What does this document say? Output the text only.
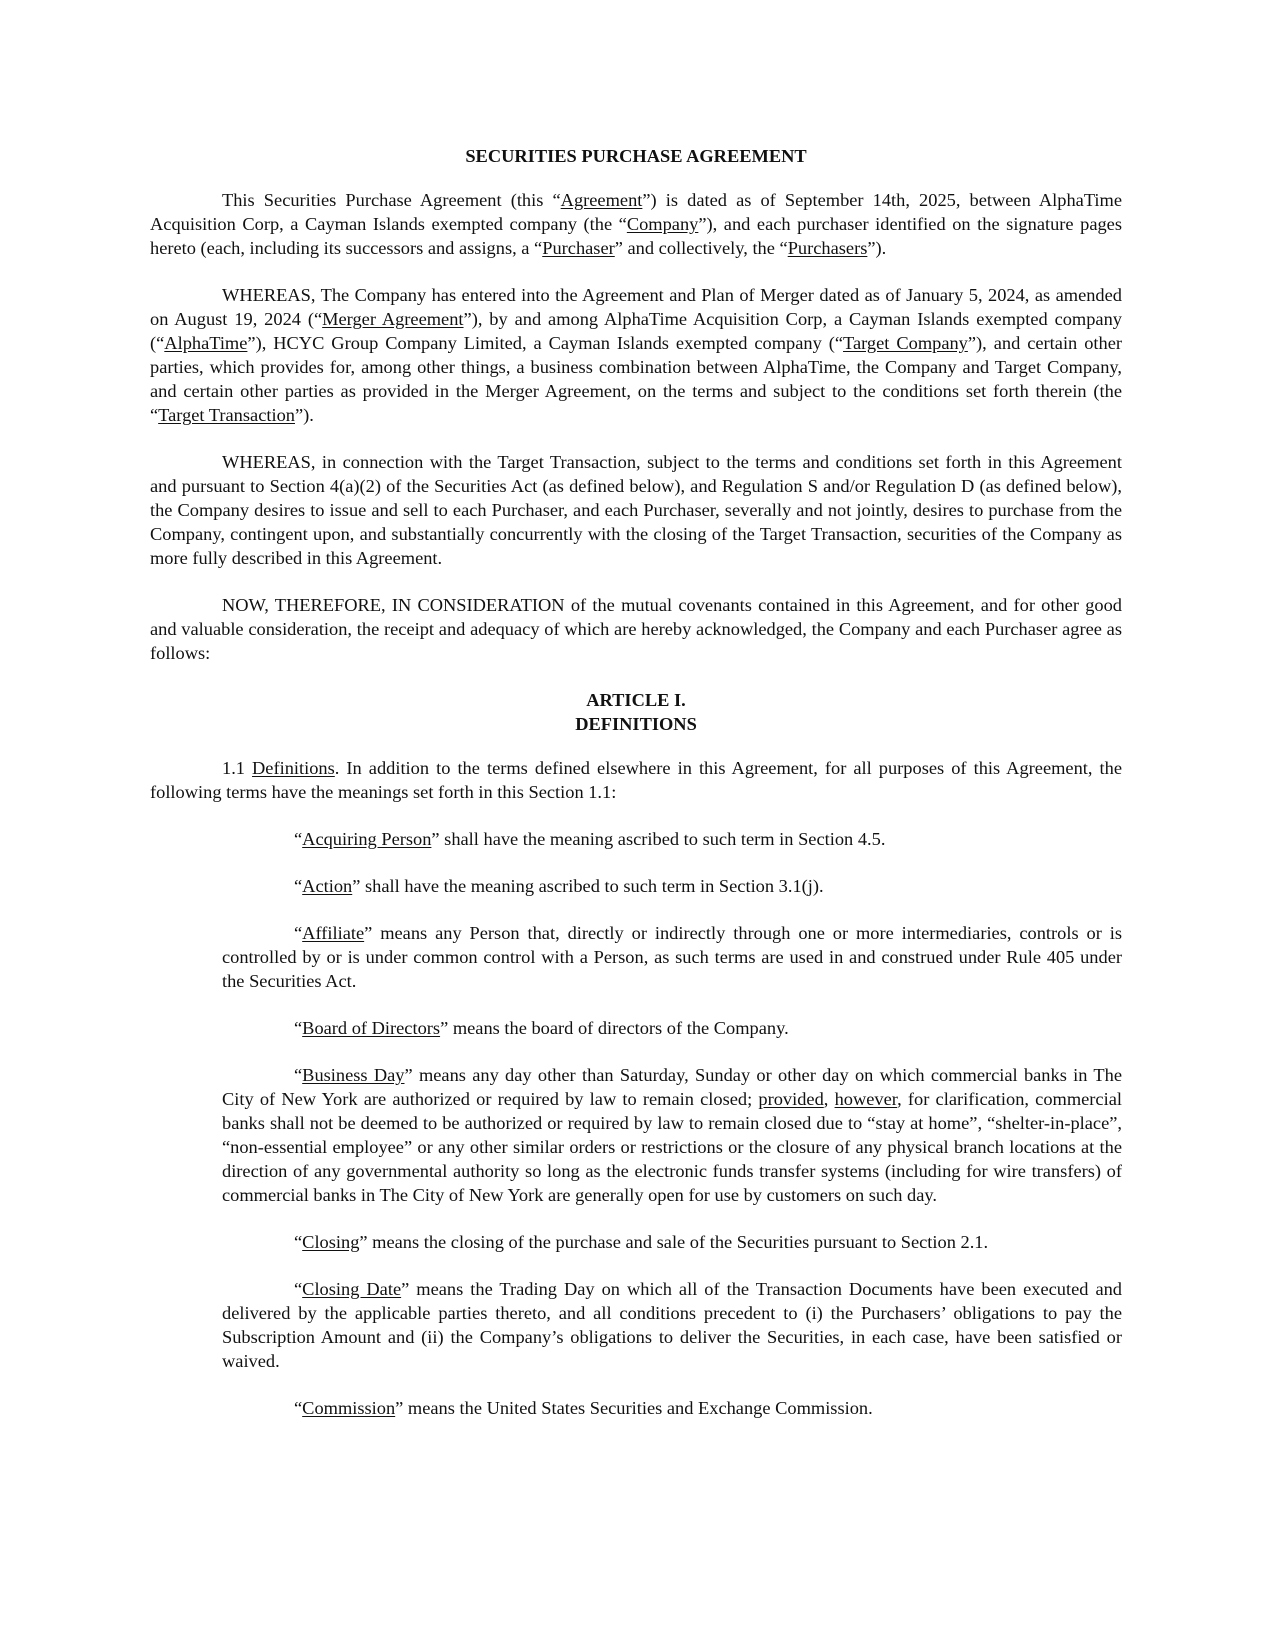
SECURITIES PURCHASE AGREEMENT

This Securities Purchase Agreement (this “Agreement”) is dated as of September 14th, 2025, between AlphaTime Acquisition Corp, a Cayman Islands exempted company (the “Company”), and each purchaser identified on the signature pages hereto (each, including its successors and assigns, a “Purchaser” and collectively, the “Purchasers”).

WHEREAS, The Company has entered into the Agreement and Plan of Merger dated as of January 5, 2024, as amended on August 19, 2024 (“Merger Agreement”), by and among AlphaTime Acquisition Corp, a Cayman Islands exempted company (“AlphaTime”), HCYC Group Company Limited, a Cayman Islands exempted company (“Target Company”), and certain other parties, which provides for, among other things, a business combination between AlphaTime, the Company and Target Company, and certain other parties as provided in the Merger Agreement, on the terms and subject to the conditions set forth therein (the “Target Transaction”).

WHEREAS, in connection with the Target Transaction, subject to the terms and conditions set forth in this Agreement and pursuant to Section 4(a)(2) of the Securities Act (as defined below), and Regulation S and/or Regulation D (as defined below), the Company desires to issue and sell to each Purchaser, and each Purchaser, severally and not jointly, desires to purchase from the Company, contingent upon, and substantially concurrently with the closing of the Target Transaction, securities of the Company as more fully described in this Agreement.

NOW, THEREFORE, IN CONSIDERATION of the mutual covenants contained in this Agreement, and for other good and valuable consideration, the receipt and adequacy of which are hereby acknowledged, the Company and each Purchaser agree as follows:

ARTICLE I.
DEFINITIONS

1.1 Definitions. In addition to the terms defined elsewhere in this Agreement, for all purposes of this Agreement, the following terms have the meanings set forth in this Section 1.1:

“Acquiring Person” shall have the meaning ascribed to such term in Section 4.5.

“Action” shall have the meaning ascribed to such term in Section 3.1(j).

“Affiliate” means any Person that, directly or indirectly through one or more intermediaries, controls or is controlled by or is under common control with a Person, as such terms are used in and construed under Rule 405 under the Securities Act.

“Board of Directors” means the board of directors of the Company.

“Business Day” means any day other than Saturday, Sunday or other day on which commercial banks in The City of New York are authorized or required by law to remain closed; provided, however, for clarification, commercial banks shall not be deemed to be authorized or required by law to remain closed due to “stay at home”, “shelter-in-place”, “non-essential employee” or any other similar orders or restrictions or the closure of any physical branch locations at the direction of any governmental authority so long as the electronic funds transfer systems (including for wire transfers) of commercial banks in The City of New York are generally open for use by customers on such day.

“Closing” means the closing of the purchase and sale of the Securities pursuant to Section 2.1.

“Closing Date” means the Trading Day on which all of the Transaction Documents have been executed and delivered by the applicable parties thereto, and all conditions precedent to (i) the Purchasers’ obligations to pay the Subscription Amount and (ii) the Company’s obligations to deliver the Securities, in each case, have been satisfied or waived.

“Commission” means the United States Securities and Exchange Commission.
